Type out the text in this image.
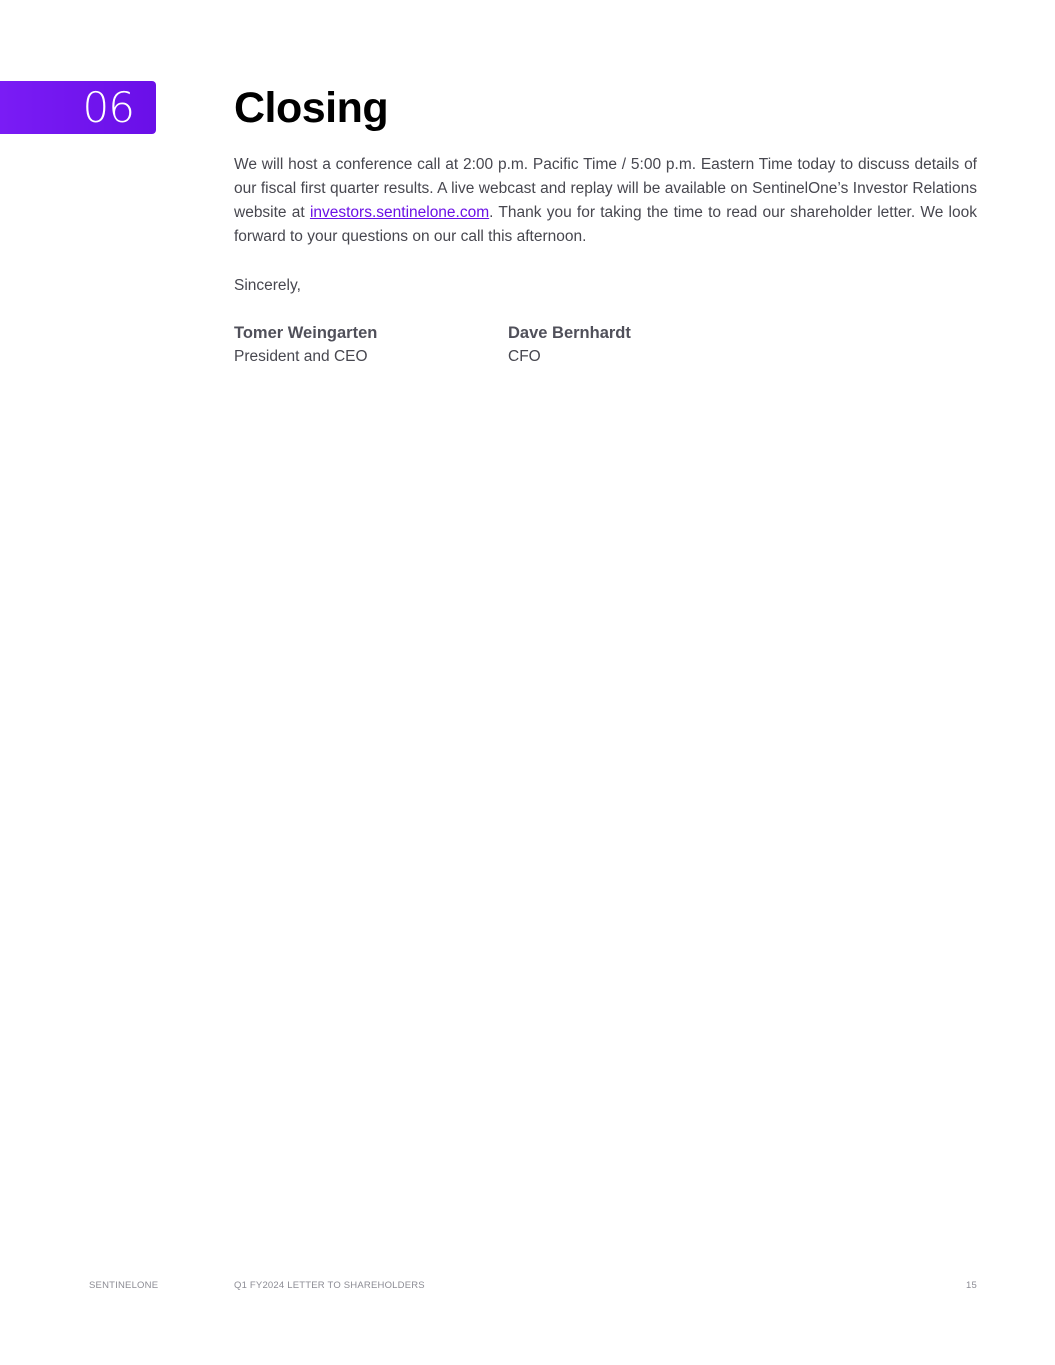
06 Closing

We will host a conference call at 2:00 p.m. Pacific Time / 5:00 p.m. Eastern Time today to discuss details of our fiscal first quarter results. A live webcast and replay will be available on SentinelOne’s Investor Relations website at investors.sentinelone.com. Thank you for taking the time to read our shareholder letter. We look forward to your questions on our call this afternoon.

Sincerely,

Tomer Weingarten
President and CEO
Dave Bernhardt
CFO
SENTINELONE	Q1 FY2024 LETTER TO SHAREHOLDERS	15
